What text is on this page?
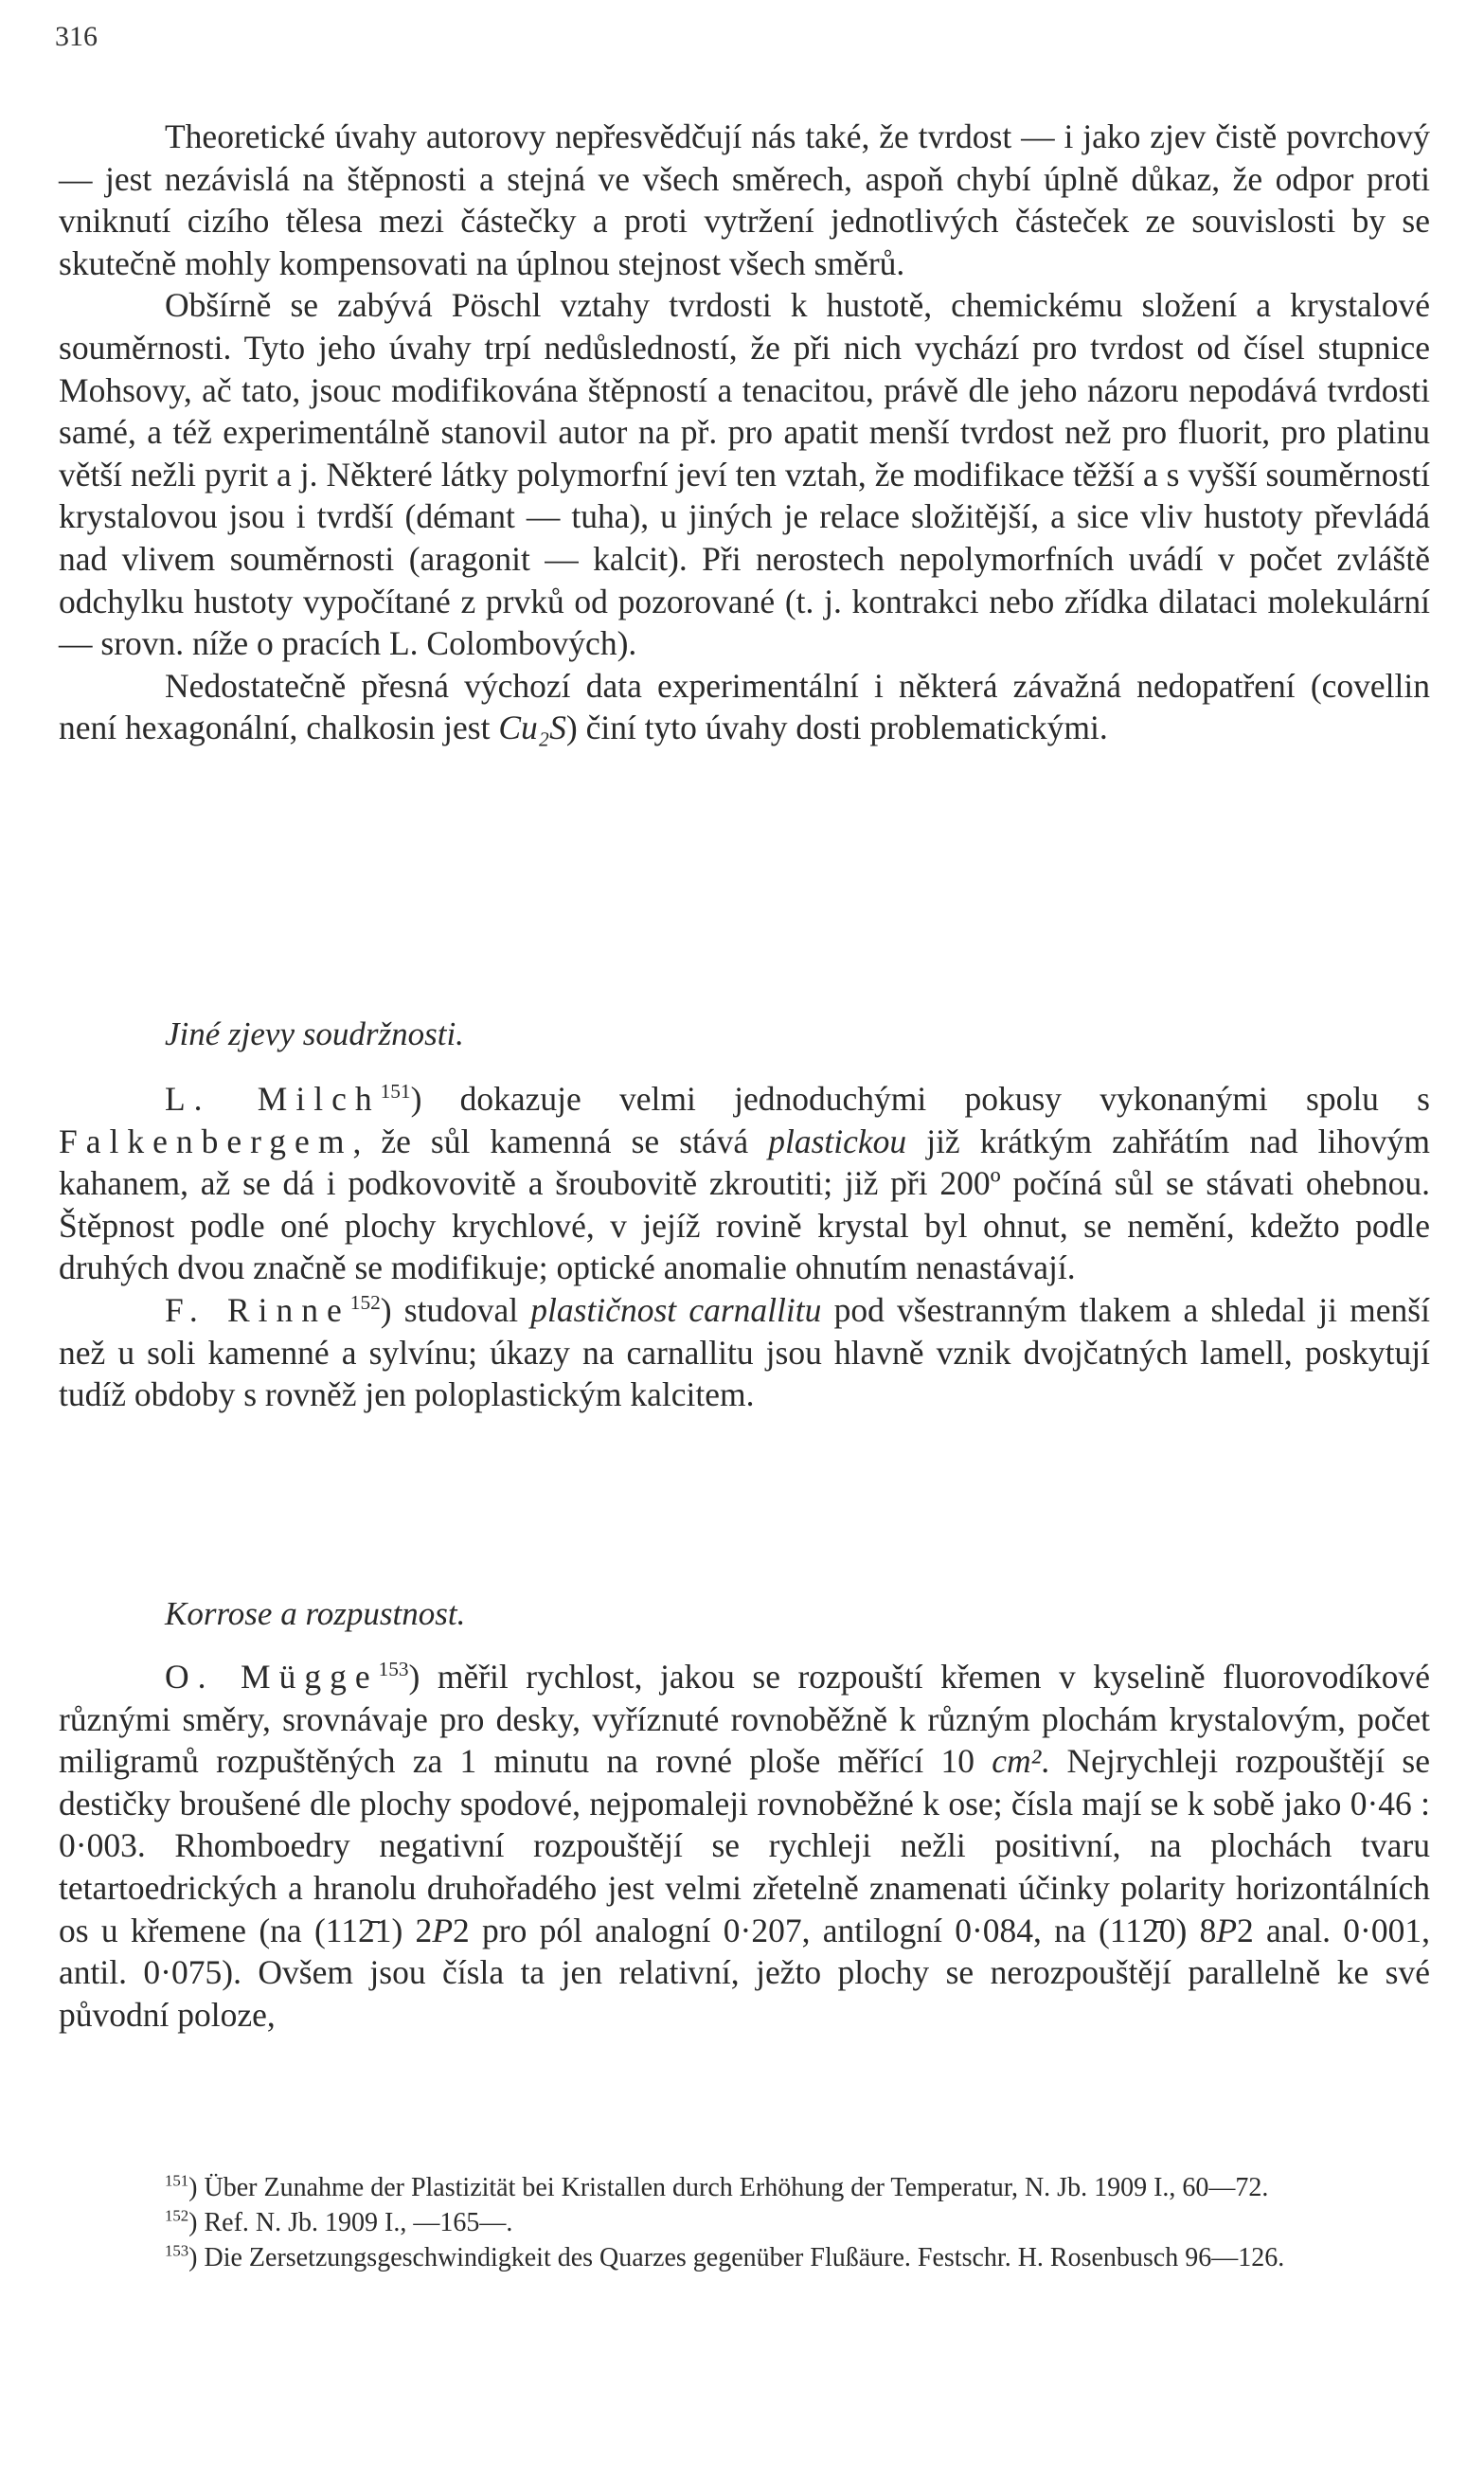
316

Theoretické úvahy autorovy nepřesvědčují nás také, že tvrdost — i jako zjev čistě povrchový — jest nezávislá na štěpnosti a stejná ve všech směrech, aspoň chybí úplně důkaz, že odpor proti vniknutí cizího tělesa mezi částečky a proti vytržení jednotlivých částeček ze souvislosti by se skutečně mohly kompensovati na úplnou stejnost všech směrů.

Obšírně se zabývá Pöschl vztahy tvrdosti k hustotě, chemickému složení a krystalové souměrnosti. Tyto jeho úvahy trpí nedůsledností, že při nich vychází pro tvrdost od čísel stupnice Mohsovy, ač tato, jsouc modifikována štěpností a tenacitou, právě dle jeho názoru nepodává tvrdosti samé, a též experimentálně stanovil autor na př. pro apatit menší tvrdost než pro fluorit, pro platinu větší nežli pyrit a j. Některé látky polymorfní jeví ten vztah, že modifikace těžší a s vyšší souměrností krystalovou jsou i tvrdší (démant — tuha), u jiných je relace složitější, a sice vliv hustoty převládá nad vlivem souměrnosti (aragonit — kalcit). Při nerostech nepolymorfních uvádí v počet zvláště odchylku hustoty vypočítané z prvků od pozorované (t. j. kontrakci nebo zřídka dilataci molekulární — srovn. níže o pracích L. Colombových).

Nedostatečně přesná výchozí data experimentální i některá závažná nedopatření (covellin není hexagonální, chalkosin jest Cu₂S) činí tyto úvahy dosti problematickými.

Jiné zjevy soudržnosti.

L. Milch$^{151}$) dokazuje velmi jednoduchými pokusy vykonanými spolu s Falkenbergem, že sůl kamenná se stává plastickou již krátkým zahřátím nad lihovým kahanem, až se dá i podkovovitě a šroubovitě zkroutiti; již při 200º počíná sůl se stávati ohebnou. Štěpnost podle oné plochy krychlové, v jejíž rovině krystal byl ohnut, se nemění, kdežto podle druhých dvou značně se modifikuje; optické anomalie ohnutím nenastávají.

F. Rinne$^{152}$) studoval plastičnost carnallitu pod všestranným tlakem a shledal ji menší než u soli kamenné a sylvínu; úkazy na carnallitu jsou hlavně vznik dvojčatných lamell, poskytují tudíž obdoby s rovněž jen poloplastickým kalcitem.

Korrose a rozpustnost.

O. Mügge$^{153}$) měřil rychlost, jakou se rozpouští křemen v kyselině fluorovodíkové různými směry, srovnávaje pro desky, vyříznuté rovnoběžně k různým plochám krystalovým, počet miligramů rozpuštěných za 1 minutu na rovné ploše měřící 10 cm². Nejrychleji rozpouštějí se destičky broušené dle plochy spodové, nejpomaleji rovnoběžné k ose; čísla mají se k sobě jako 0·46 : 0·003. Rhomboedry negativní rozpouštějí se rychleji nežli positivní, na plochách tvaru tetartoedrických a hranolu druhořadého jest velmi zřetelně znamenati účinky polarity horizontálních os u křemene (na (112̄1) 2P2 pro pól analogní 0·207, antilogní 0·084, na (112̄0) 8P2 anal. 0·001, antil. 0·075). Ovšem jsou čísla ta jen relativní, ježto plochy se nerozpouštějí parallelně ke své původní poloze,

$^{151}$) Über Zunahme der Plastizität bei Kristallen durch Erhöhung der Temperatur, N. Jb. 1909 I., 60—72.

$^{152}$) Ref. N. Jb. 1909 I., —165—.

$^{153}$) Die Zersetzungsgeschwindigkeit des Quarzes gegenüber Flußäure. Festschr. H. Rosenbusch 96—126.
